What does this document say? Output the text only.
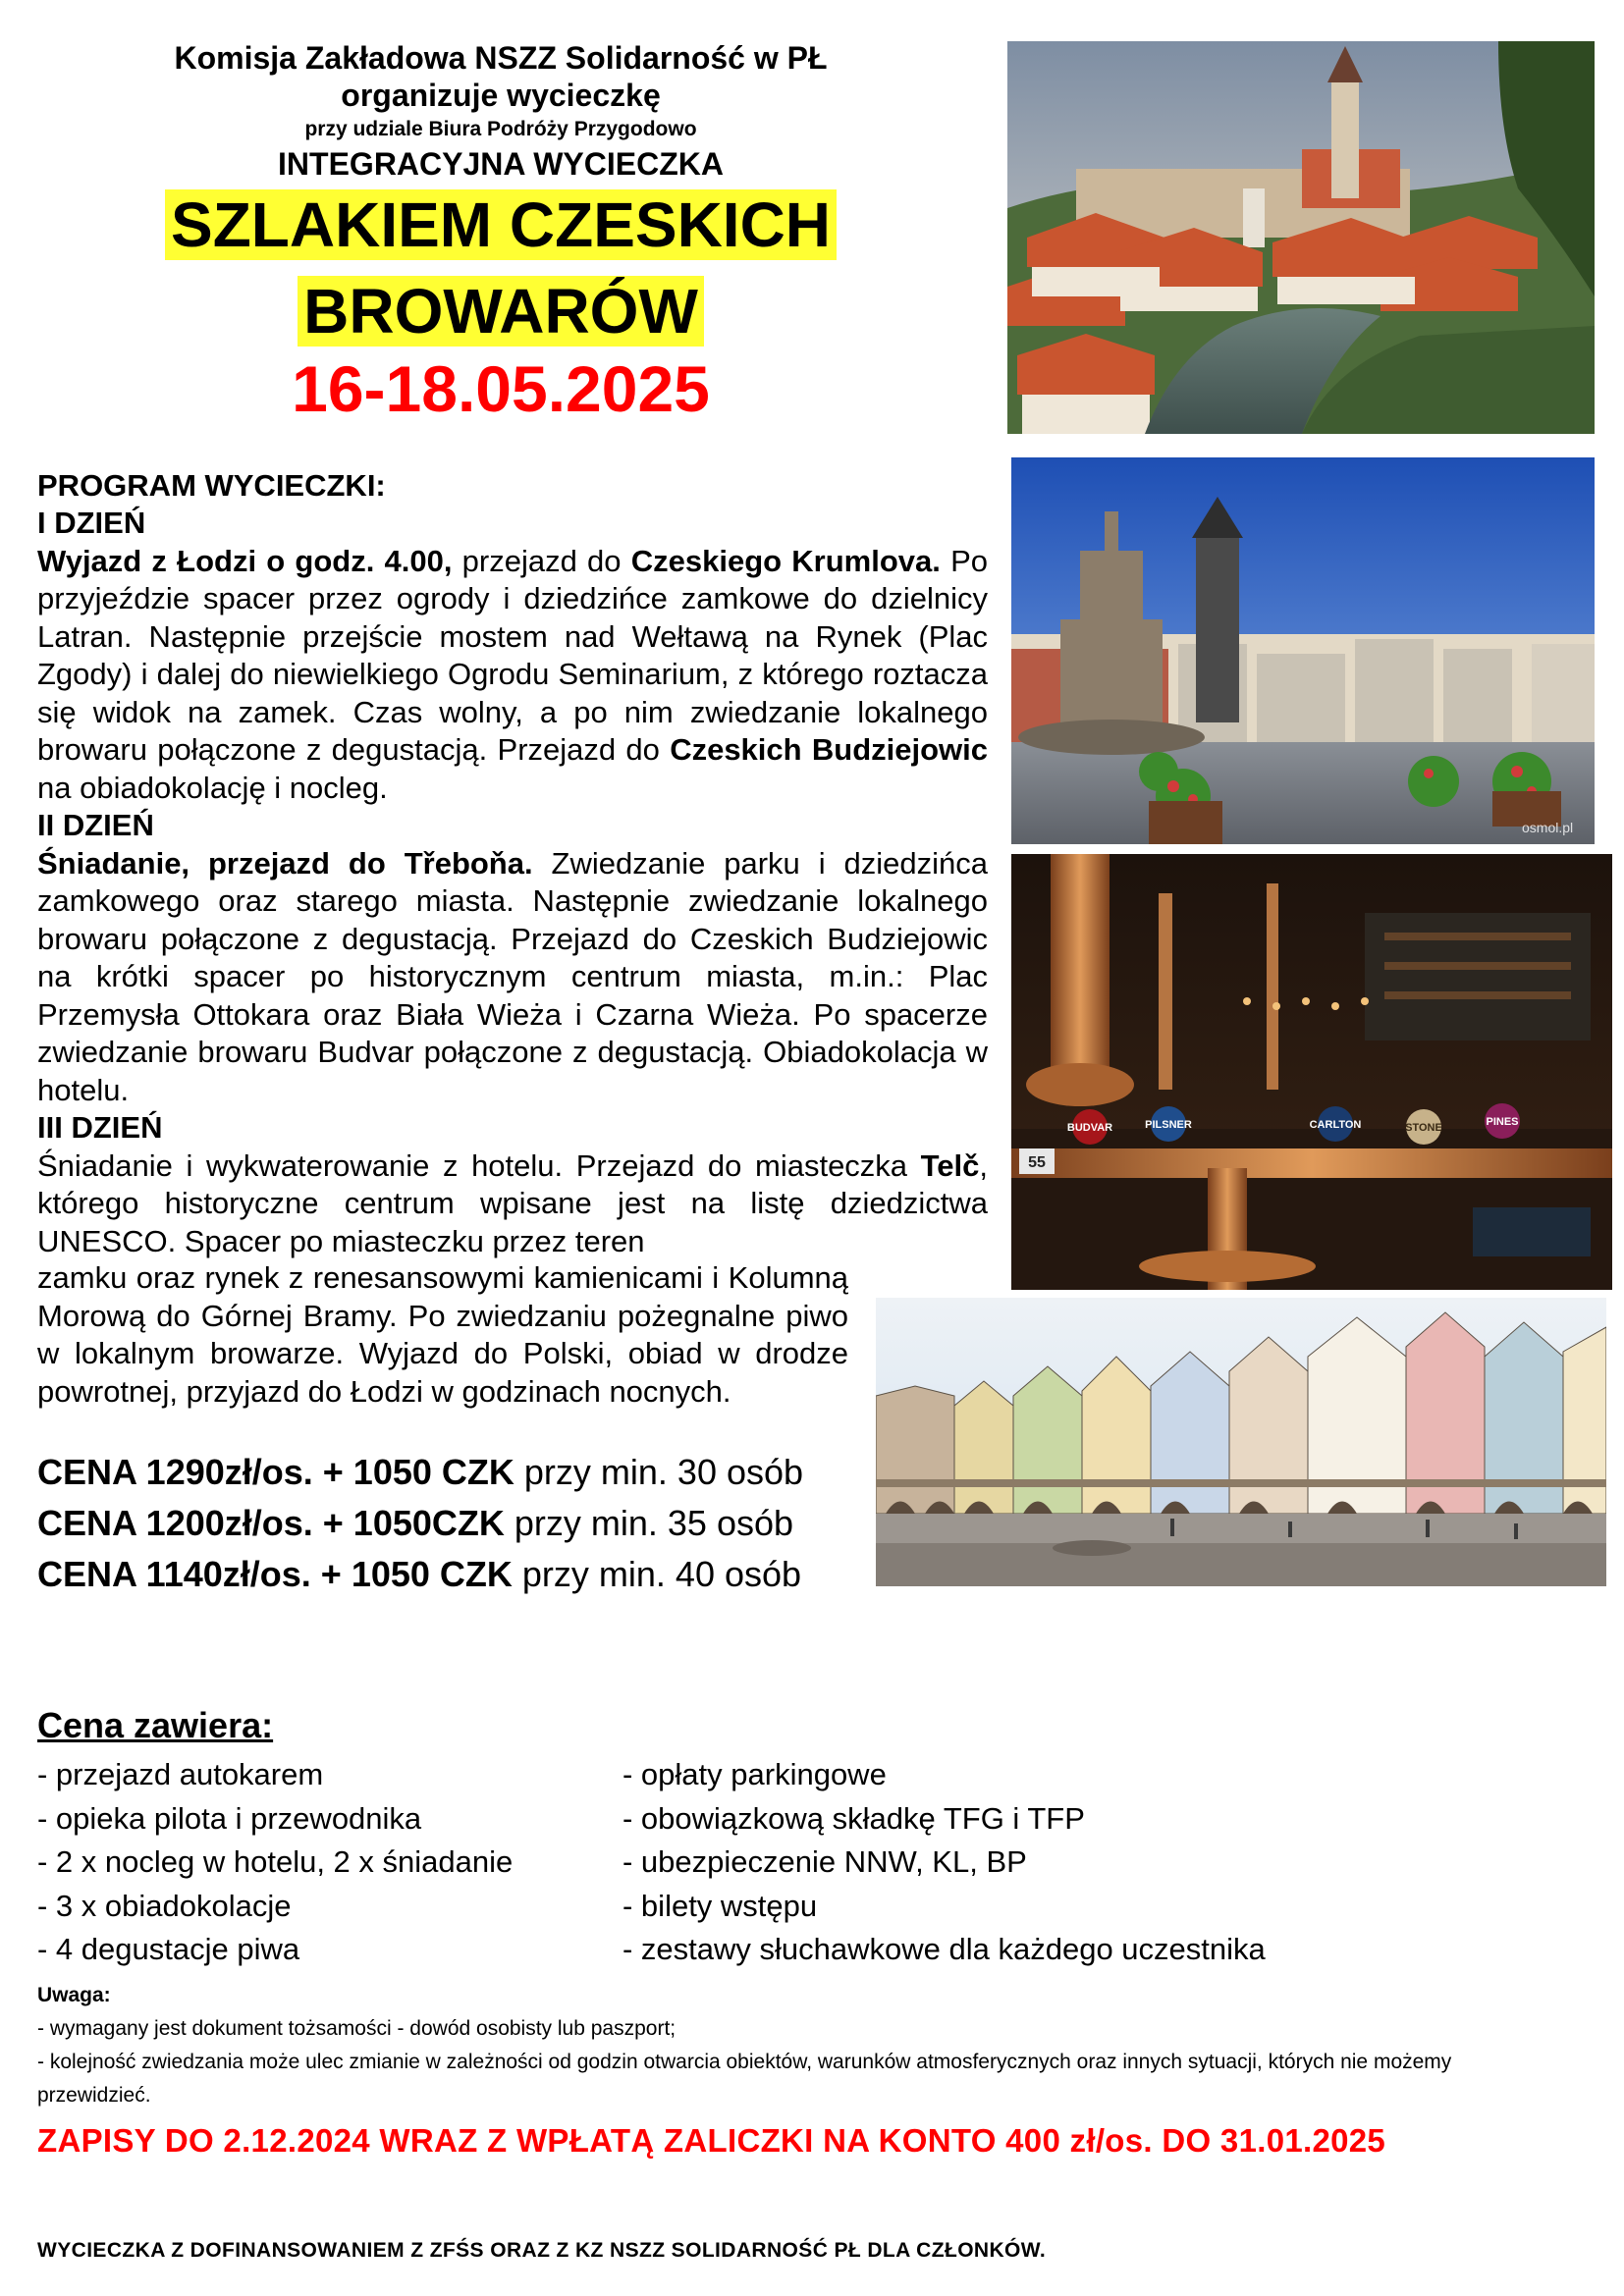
Komisja Zakładowa NSZZ Solidarność w PŁ
organizuje wycieczkę
przy udziale Biura Podróży Przygodowo
INTEGRACYJNA WYCIECZKA
SZLAKIEM CZESKICH
BROWARÓW
16-18.05.2025
PROGRAM WYCIECZKI:
I DZIEŃ
Wyjazd z Łodzi o godz. 4.00, przejazd do Czeskiego Krumlova. Po przyjeździe spacer przez ogrody i dziedzińce zamkowe do dzielnicy Latran. Następnie przejście mostem nad Wełtawą na Rynek (Plac Zgody) i dalej do niewielkiego Ogrodu Seminarium, z którego roztacza się widok na zamek. Czas wolny, a po nim zwiedzanie lokalnego browaru połączone z degustacją. Przejazd do Czeskich Budziejowic na obiadokolację i nocleg.
II DZIEŃ
Śniadanie, przejazd do Třeboňa. Zwiedzanie parku i dziedzińca zamkowego oraz starego miasta. Następnie zwiedzanie lokalnego browaru połączone z degustacją. Przejazd do Czeskich Budziejowic na krótki spacer po historycznym centrum miasta, m.in.: Plac Przemysła Ottokara oraz Biała Wieża i Czarna Wieża. Po spacerze zwiedzanie browaru Budvar połączone z degustacją. Obiadokolacja w hotelu.
III DZIEŃ
Śniadanie i wykwaterowanie z hotelu. Przejazd do miasteczka Telč, którego historyczne centrum wpisane jest na listę dziedzictwa UNESCO. Spacer po miasteczku przez teren
zamku oraz rynek z renesansowymi kamienicami i Kolumną Morową do Górnej Bramy. Po zwiedzaniu pożegnalne piwo w lokalnym browarze. Wyjazd do Polski, obiad w drodze powrotnej, przyjazd do Łodzi w godzinach nocnych.
CENA 1290zł/os. + 1050 CZK przy min. 30 osób
CENA 1200zł/os. + 1050CZK przy min. 35 osób
CENA 1140zł/os. + 1050 CZK przy min. 40 osób
Cena zawiera:
- przejazd autokarem
- opieka pilota i przewodnika
- 2 x nocleg w hotelu, 2 x śniadanie
- 3 x obiadokolacje
- 4 degustacje piwa
- opłaty parkingowe
- obowiązkową składkę TFG i TFP
- ubezpieczenie NNW, KL, BP
- bilety wstępu
- zestawy słuchawkowe dla każdego uczestnika
Uwaga:
- wymagany jest dokument tożsamości - dowód osobisty lub paszport;
- kolejność zwiedzania może ulec zmianie w zależności od godzin otwarcia obiektów, warunków atmosferycznych oraz innych sytuacji, których nie możemy przewidzieć.
ZAPISY DO 2.12.2024 WRAZ Z WPŁATĄ ZALICZKI NA KONTO 400 zł/os. DO 31.01.2025
WYCIECZKA Z DOFINANSOWANIEM Z ZFŚS ORAZ Z KZ NSZZ SOLIDARNOŚĆ PŁ DLA CZŁONKÓW.
osmol.pl
BUDVAR	PILSNER	CARLTON	STONE	PINES
55
